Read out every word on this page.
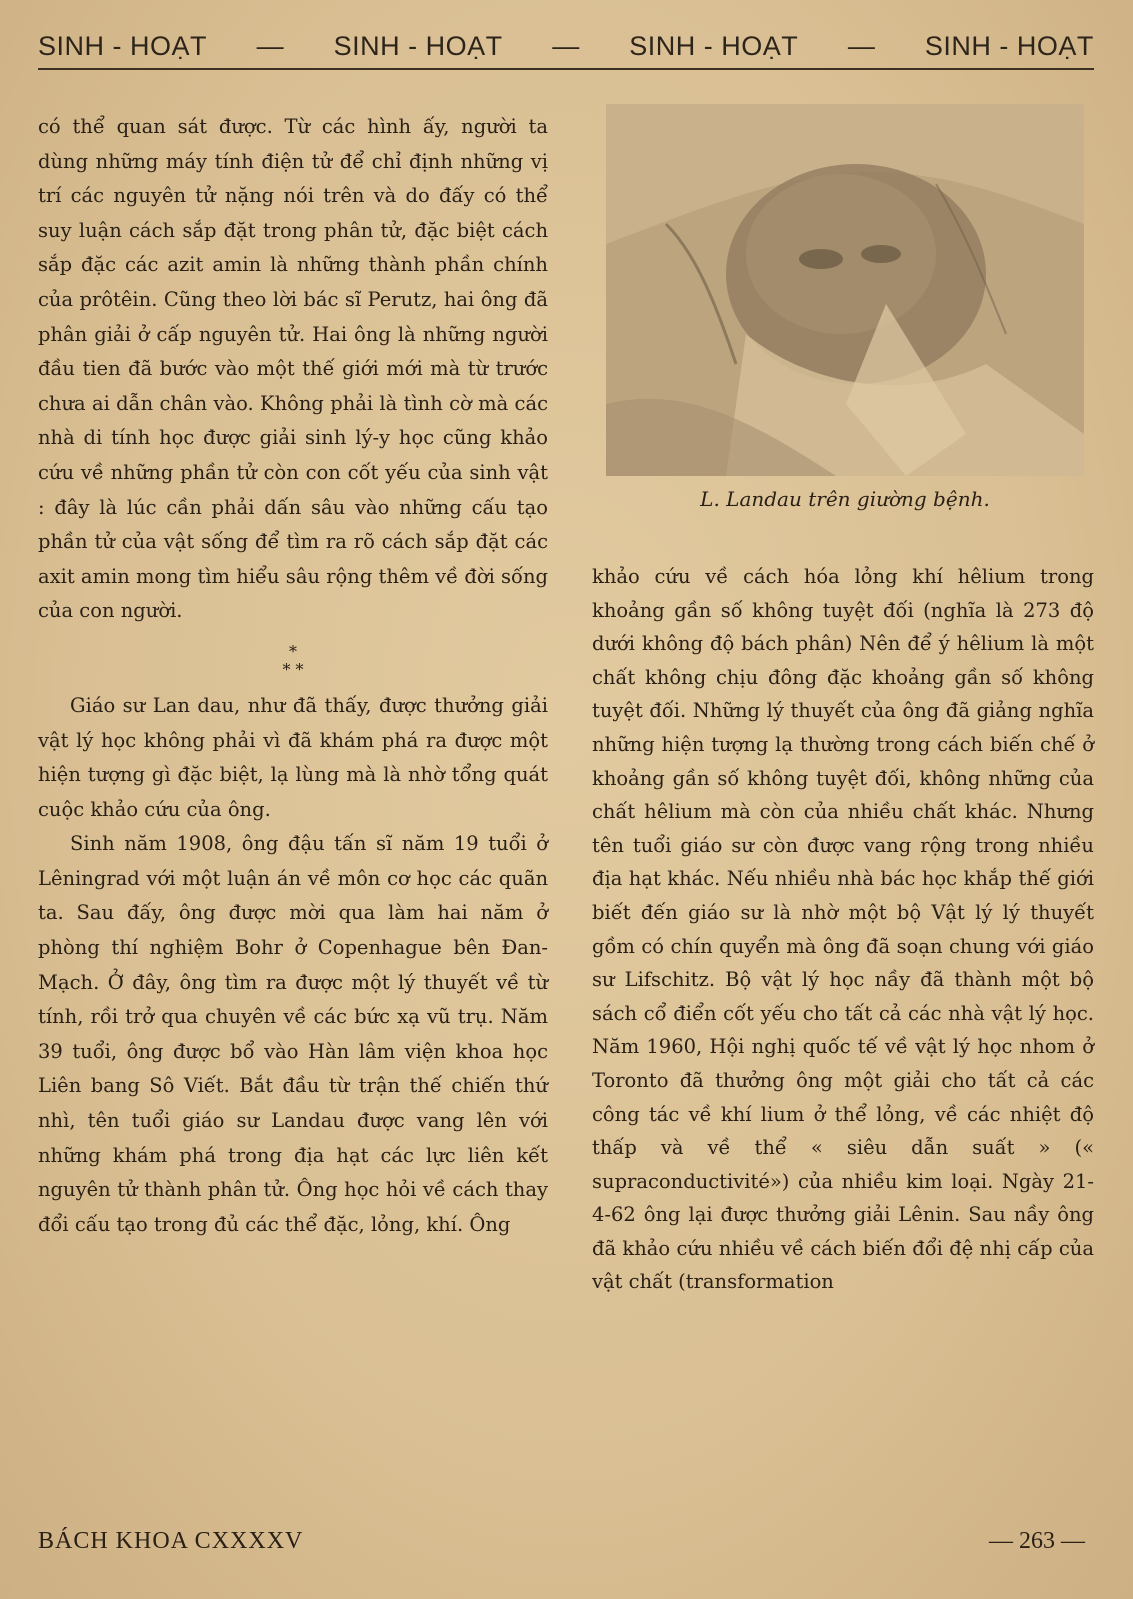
SINH - HOẠT — SINH - HOẠT — SINH - HOẠT — SINH - HOẠT

có thể quan sát được. Từ các hình ấy, người ta dùng những máy tính điện tử để chỉ định những vị trí các nguyên tử nặng nói trên và do đấy có thể suy luận cách sắp đặt trong phân tử, đặc biệt cách sắp đặc các azit amin là những thành phần chính của prôtêin. Cũng theo lời bác sĩ Perutz, hai ông đã phân giải ở cấp nguyên tử. Hai ông là những người đầu tien đã bước vào một thế giới mới mà từ trước chưa ai dẫn chân vào. Không phải là tình cờ mà các nhà di tính học được giải sinh lý-y học cũng khảo cứu về những phần tử còn con cốt yếu của sinh vật : đây là lúc cần phải dấn sâu vào những cấu tạo phần tử của vật sống để tìm ra rõ cách sắp đặt các axit amin mong tìm hiểu sâu rộng thêm về đời sống của con người.

*
* *

Giáo sư Lan dau, như đã thấy, được thưởng giải vật lý học không phải vì đã khám phá ra được một hiện tượng gì đặc biệt, lạ lùng mà là nhờ tổng quát cuộc khảo cứu của ông.

Sinh năm 1908, ông đậu tấn sĩ năm 19 tuổi ở Lêningrad với một luận án về môn cơ học các quãn ta. Sau đấy, ông được mời qua làm hai năm ở phòng thí nghiệm Bohr ở Copenhague bên Đan-Mạch. Ở đây, ông tìm ra được một lý thuyết về từ tính, rồi trở qua chuyên về các bức xạ vũ trụ. Năm 39 tuổi, ông được bổ vào Hàn lâm viện khoa học Liên bang Sô Viết. Bắt đầu từ trận thế chiến thứ nhì, tên tuổi giáo sư Landau được vang lên với những khám phá trong địa hạt các lực liên kết nguyên tử thành phân tử. Ông học hỏi về cách thay đổi cấu tạo trong đủ các thể đặc, lỏng, khí. Ông

L. Landau trên giường bệnh.

khảo cứu về cách hóa lỏng khí hêlium trong khoảng gần số không tuyệt đối (nghĩa là 273 độ dưới không độ bách phân) Nên để ý hêlium là một chất không chịu đông đặc khoảng gần số không tuyệt đối. Những lý thuyết của ông đã giảng nghĩa những hiện tượng lạ thường trong cách biến chế ở khoảng gần số không tuyệt đối, không những của chất hêlium mà còn của nhiều chất khác. Nhưng tên tuổi giáo sư còn được vang rộng trong nhiều địa hạt khác. Nếu nhiều nhà bác học khắp thế giới biết đến giáo sư là nhờ một bộ Vật lý lý thuyết gồm có chín quyển mà ông đã soạn chung với giáo sư Lifschitz. Bộ vật lý học nầy đã thành một bộ sách cổ điển cốt yếu cho tất cả các nhà vật lý học. Năm 1960, Hội nghị quốc tế về vật lý học nhom ở Toronto đã thưởng ông một giải cho tất cả các công tác về khí lium ở thể lỏng, về các nhiệt độ thấp và về thể « siêu dẫn suất » (« supraconductivité») của nhiều kim loại. Ngày 21-4-62 ông lại được thưởng giải Lênin. Sau nầy ông đã khảo cứu nhiều về cách biến đổi đệ nhị cấp của vật chất (transformation

BÁCH KHOA CXXXXV	— 263 —
